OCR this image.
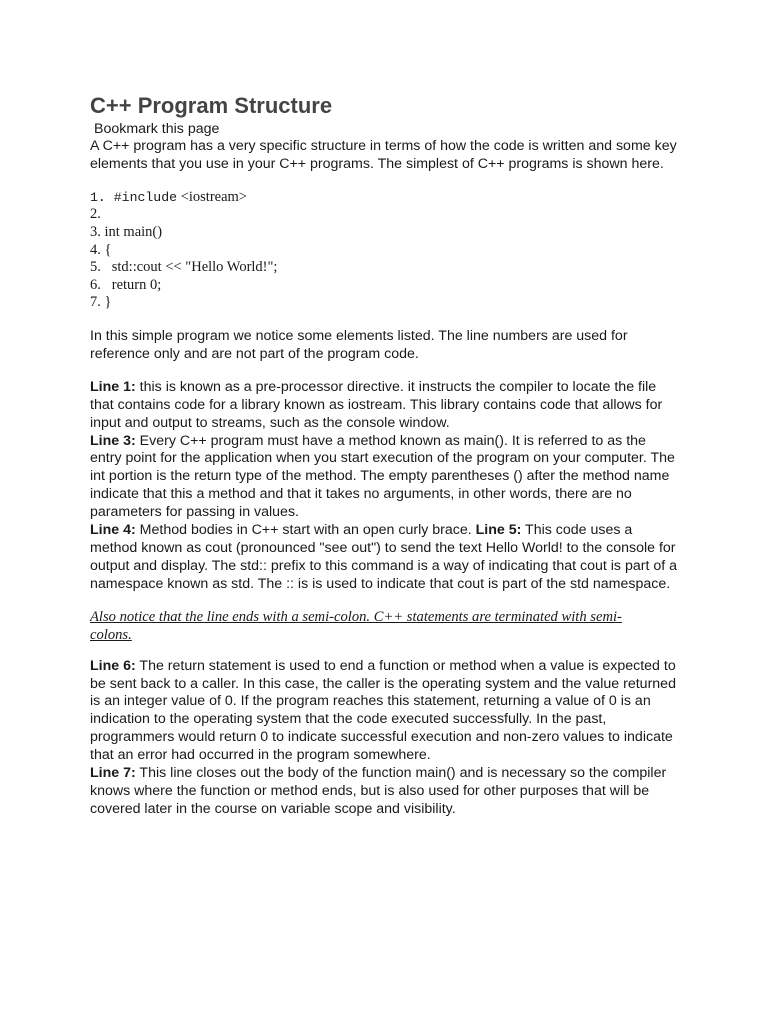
C++ Program Structure
Bookmark this page

A C++ program has a very specific structure in terms of how the code is written and some key elements that you use in your C++ programs. The simplest of C++ programs is shown here.

1. #include <iostream>
2.
3. int main()
4. {
5.   std::cout << "Hello World!";
6.   return 0;
7. }

In this simple program we notice some elements listed. The line numbers are used for reference only and are not part of the program code.

Line 1: this is known as a pre-processor directive. it instructs the compiler to locate the file that contains code for a library known as iostream. This library contains code that allows for input and output to streams, such as the console window.
Line 3: Every C++ program must have a method known as main(). It is referred to as the entry point for the application when you start execution of the program on your computer. The int portion is the return type of the method. The empty parentheses () after the method name indicate that this a method and that it takes no arguments, in other words, there are no parameters for passing in values.
Line 4: Method bodies in C++ start with an open curly brace. Line 5: This code uses a method known as cout (pronounced "see out") to send the text Hello World! to the console for output and display. The std:: prefix to this command is a way of indicating that cout is part of a namespace known as std. The :: is is used to indicate that cout is part of the std namespace.

Also notice that the line ends with a semi-colon. C++ statements are terminated with semi-colons.

Line 6: The return statement is used to end a function or method when a value is expected to be sent back to a caller. In this case, the caller is the operating system and the value returned is an integer value of 0. If the program reaches this statement, returning a value of 0 is an indication to the operating system that the code executed successfully. In the past, programmers would return 0 to indicate successful execution and non-zero values to indicate that an error had occurred in the program somewhere.
Line 7: This line closes out the body of the function main() and is necessary so the compiler knows where the function or method ends, but is also used for other purposes that will be covered later in the course on variable scope and visibility.
